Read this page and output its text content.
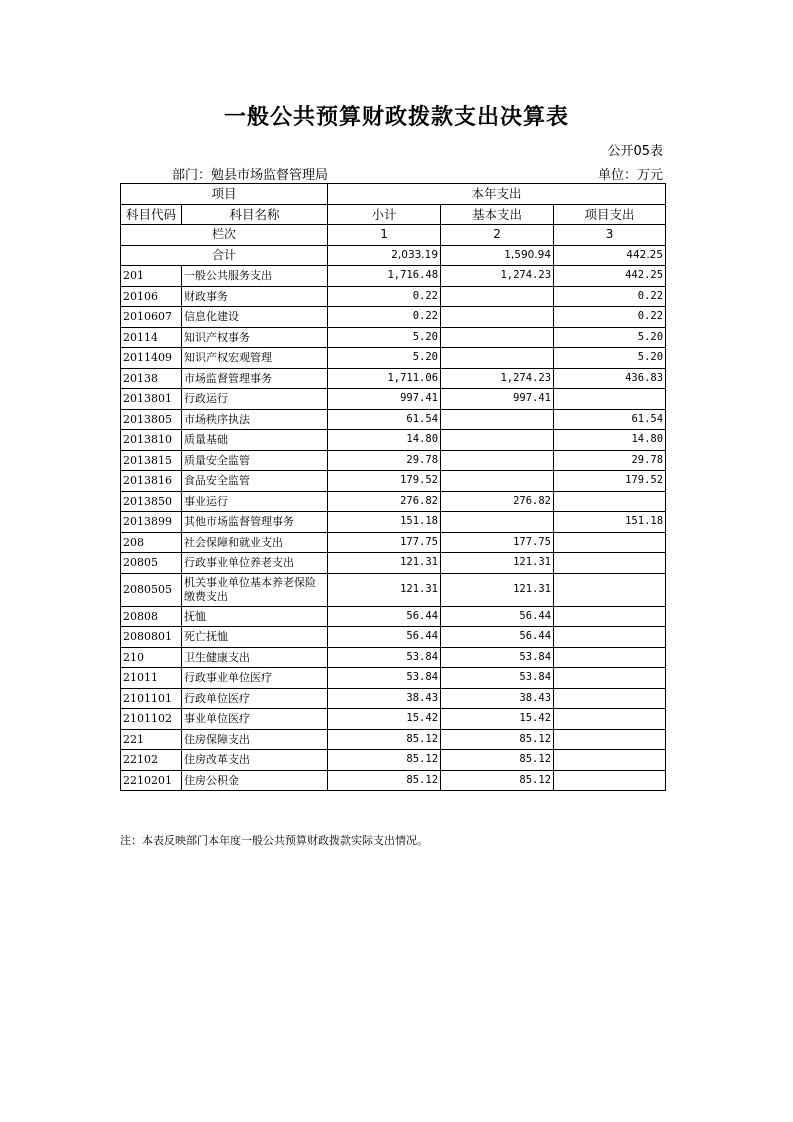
一般公共预算财政拨款支出决算表
公开05表
部门：勉县市场监督管理局	单位：万元
项目		本年支出		
科目代码	科目名称	小计	基本支出	项目支出
栏次		1	2	3
合计		2,033.19	1,590.94	442.25
201	一般公共服务支出	1,716.48	1,274.23	442.25
20106	财政事务	0.22		0.22
2010607	信息化建设	0.22		0.22
20114	知识产权事务	5.20		5.20
2011409	知识产权宏观管理	5.20		5.20
20138	市场监督管理事务	1,711.06	1,274.23	436.83
2013801	行政运行	997.41	997.41	
2013805	市场秩序执法	61.54		61.54
2013810	质量基础	14.80		14.80
2013815	质量安全监管	29.78		29.78
2013816	食品安全监管	179.52		179.52
2013850	事业运行	276.82	276.82	
2013899	其他市场监督管理事务	151.18		151.18
208	社会保障和就业支出	177.75	177.75	
20805	行政事业单位养老支出	121.31	121.31	
2080505	机关事业单位基本养老保险缴费支出	121.31	121.31	
20808	抚恤	56.44	56.44	
2080801	死亡抚恤	56.44	56.44	
210	卫生健康支出	53.84	53.84	
21011	行政事业单位医疗	53.84	53.84	
2101101	行政单位医疗	38.43	38.43	
2101102	事业单位医疗	15.42	15.42	
221	住房保障支出	85.12	85.12	
22102	住房改革支出	85.12	85.12	
2210201	住房公积金	85.12	85.12	
注：本表反映部门本年度一般公共预算财政拨款实际支出情况。
